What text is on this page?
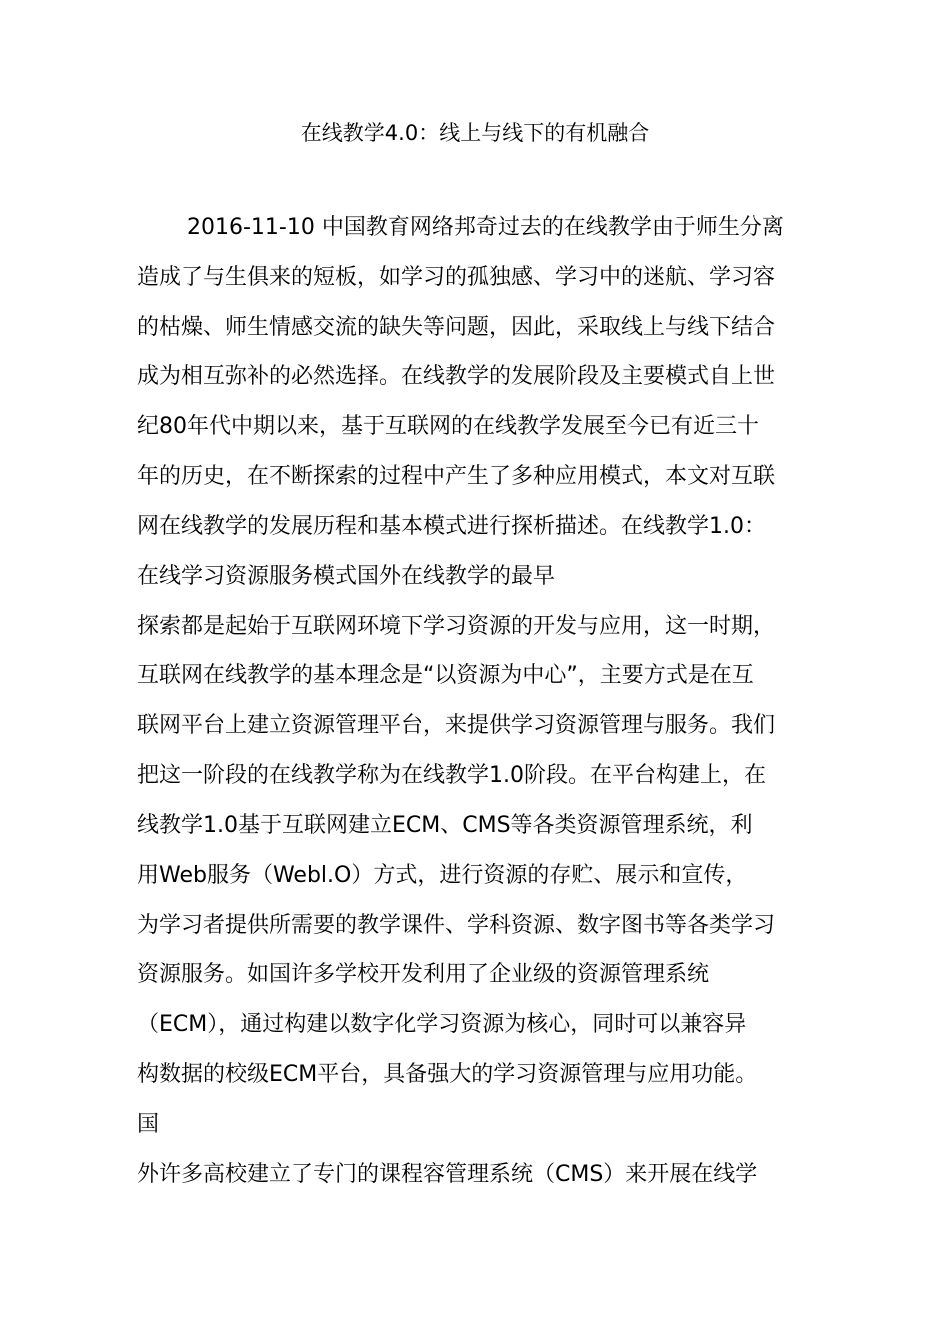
在线教学4.0：线上与线下的有机融合
2016-11-10 中国教育网络邦奇过去的在线教学由于师生分离
造成了与生俱来的短板，如学习的孤独感、学习中的迷航、学习容
的枯燥、师生情感交流的缺失等问题，因此，采取线上与线下结合
成为相互弥补的必然选择。在线教学的发展阶段及主要模式自上世
纪80年代中期以来，基于互联网的在线教学发展至今已有近三十
年的历史，在不断探索的过程中产生了多种应用模式，本文对互联
网在线教学的发展历程和基本模式进行探析描述。在线教学1.0：
在线学习资源服务模式国外在线教学的最早
探索都是起始于互联网环境下学习资源的开发与应用，这一时期，
互联网在线教学的基本理念是“以资源为中心”，主要方式是在互
联网平台上建立资源管理平台，来提供学习资源管理与服务。我们
把这一阶段的在线教学称为在线教学1.0阶段。在平台构建上，在
线教学1.0基于互联网建立ECM、CMS等各类资源管理系统，利
用Web服务（Webl.O）方式，进行资源的存贮、展示和宣传，
为学习者提供所需要的教学课件、学科资源、数字图书等各类学习
资源服务。如国许多学校开发利用了企业级的资源管理系统
（ECM），通过构建以数字化学习资源为核心，同时可以兼容异
构数据的校级ECM平台，具备强大的学习资源管理与应用功能。
国
外许多高校建立了专门的课程容管理系统（CMS）来开展在线学
